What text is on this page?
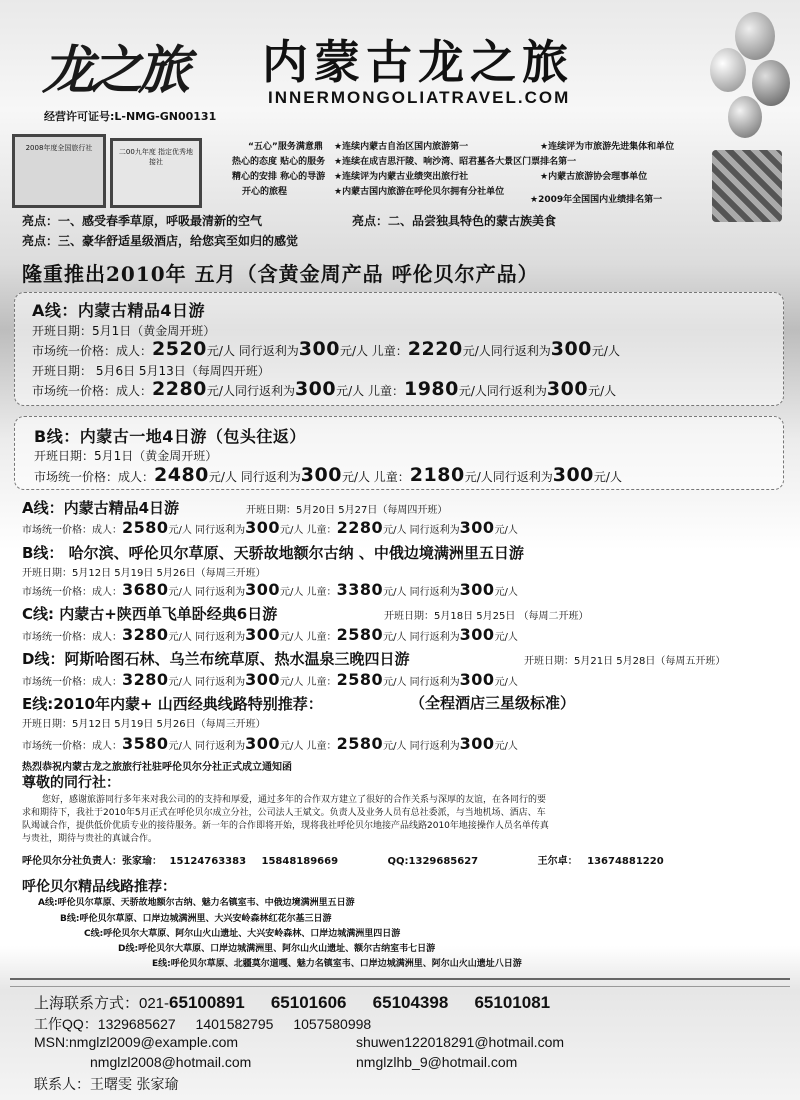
龙之旅 内蒙古龙之旅
INNERMONGOLIATRAVEL.COM
经营许可证号:L-NMG-GN00131
2008年度全国旅行社	二00九年度 指定优秀地接社
“五心”服务满意鼎
热心的态度 贴心的服务
精心的安排 称心的导游
开心的旅程
★连续内蒙古自治区国内旅游第一
★连续在成吉思汗陵、响沙湾、昭君墓各大景区门票排名第一
★连续评为内蒙古业绩突出旅行社
★内蒙古国内旅游在呼伦贝尔拥有分社单位
★连续评为市旅游先进集体和单位
★内蒙古旅游协会理事单位
★2009年全国国内业绩排名第一
亮点：一、感受春季草原，呼吸最清新的空气	亮点：二、品尝独具特色的蒙古族美食
亮点：三、豪华舒适星级酒店，给您宾至如归的感觉
隆重推出2010年 五月（含黄金周产品 呼伦贝尔产品）
A线：内蒙古精品4日游
开班日期：5月1日（黄金周开班）
市场统一价格：成人：2520元/人 同行返利为300元/人 儿童：2220元/人同行返利为300元/人
开班日期： 5月6日 5月13日（每周四开班）
市场统一价格：成人：2280元/人同行返利为300元/人 儿童：1980元/人同行返利为300元/人
B线：内蒙古一地4日游（包头往返）
开班日期：5月1日（黄金周开班）
市场统一价格：成人：2480元/人 同行返利为300元/人 儿童：2180元/人同行返利为300元/人
A线：内蒙古精品4日游	开班日期：5月20日 5月27日（每周四开班）
市场统一价格：成人：2580元/人 同行返利为300元/人 儿童：2280元/人 同行返利为300元/人
B线： 哈尔滨、呼伦贝尔草原、天骄故地额尔古纳 、中俄边境满洲里五日游
开班日期：5月12日 5月19日 5月26日（每周三开班）
市场统一价格：成人：3680元/人 同行返利为300元/人 儿童：3380元/人 同行返利为300元/人
C线: 内蒙古+陕西单飞单卧经典6日游	开班日期：5月18日 5月25日 （每周二开班）
市场统一价格：成人：3280元/人 同行返利为300元/人 儿童：2580元/人 同行返利为300元/人
D线：阿斯哈图石林、乌兰布统草原、热水温泉三晚四日游	开班日期：5月21日 5月28日（每周五开班）
市场统一价格：成人：3280元/人 同行返利为300元/人 儿童：2580元/人 同行返利为300元/人
E线:2010年内蒙+ 山西经典线路特别推荐：	（全程酒店三星级标准）
开班日期：5月12日 5月19日 5月26日（每周三开班）
市场统一价格：成人：3580元/人 同行返利为300元/人 儿童：2580元/人 同行返利为300元/人
热烈恭祝内蒙古龙之旅旅行社驻呼伦贝尔分社正式成立通知函
尊敬的同行社：
您好，感谢旅游同行多年来对我公司的的支持和厚爱，通过多年的合作双方建立了很好的合作关系与深厚的友谊，在各同行的要
求和期待下，我社于2010年5月正式在呼伦贝尔成立分社，公司法人王斌文。负责人及业务人员有总社委派，与当地机场、酒店、车
队竭诚合作，提供低价优质专业的接待服务。新一年的合作即将开始，现将我社呼伦贝尔地接产品线路2010年地接操作人员名单传真
与贵社，期待与贵社的真诚合作。
呼伦贝尔分社负责人：张家瑜： 15124763383 15848189669	QQ:1329685627	王尔卓： 13674881220
呼伦贝尔精品线路推荐：
A线:呼伦贝尔草原、天骄故地额尔古纳、魅力名镇室韦、中俄边境满洲里五日游
B线:呼伦贝尔草原、口岸边城满洲里、大兴安岭森林红花尔基三日游
C线:呼伦贝尔大草原、阿尔山火山遗址、大兴安岭森林、口岸边城满洲里四日游
D线:呼伦贝尔大草原、口岸边城满洲里、阿尔山火山遗址、额尔古纳室韦七日游
E线:呼伦贝尔草原、北疆莫尔道嘎、魅力名镇室韦、口岸边城满洲里、阿尔山火山遗址八日游
上海联系方式：021-65100891 65101606 65104398 65101081
工作QQ：1329685627 1401582795 1057580998
MSN:nmglzl2009@example.com	shuwen122018291@hotmail.com
nmglzl2008@hotmail.com	nmglzlhb_9@hotmail.com
联系人：王曙雯 张家瑜
